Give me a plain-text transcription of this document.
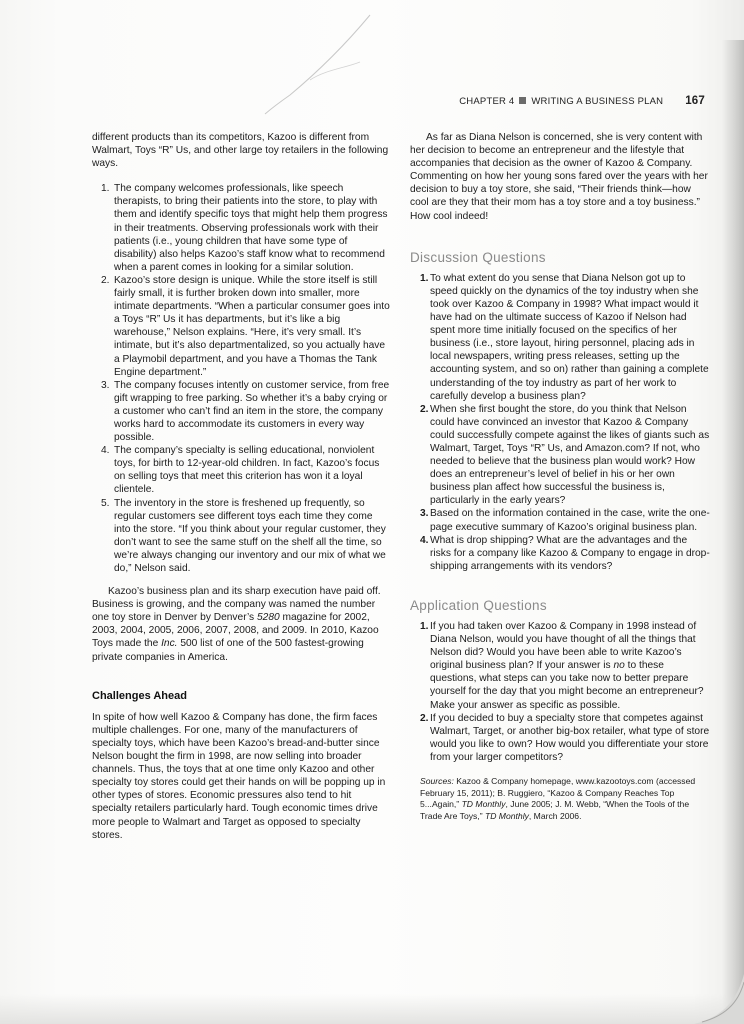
CHAPTER 4 WRITING A BUSINESS PLAN 167

different products than its competitors, Kazoo is different from Walmart, Toys “R” Us, and other large toy retailers in the following ways.

1. The company welcomes professionals, like speech therapists, to bring their patients into the store, to play with them and identify specific toys that might help them progress in their treatments. Observing professionals work with their patients (i.e., young children that have some type of disability) also helps Kazoo’s staff know what to recommend when a parent comes in looking for a similar solution.
2. Kazoo’s store design is unique. While the store itself is still fairly small, it is further broken down into smaller, more intimate departments. “When a particular consumer goes into a Toys “R” Us it has departments, but it’s like a big warehouse,” Nelson explains. “Here, it’s very small. It’s intimate, but it’s also departmentalized, so you actually have a Playmobil department, and you have a Thomas the Tank Engine department.”
3. The company focuses intently on customer service, from free gift wrapping to free parking. So whether it’s a baby crying or a customer who can’t find an item in the store, the company works hard to accommodate its customers in every way possible.
4. The company’s specialty is selling educational, nonviolent toys, for birth to 12-year-old children. In fact, Kazoo’s focus on selling toys that meet this criterion has won it a loyal clientele.
5. The inventory in the store is freshened up frequently, so regular customers see different toys each time they come into the store. “If you think about your regular customer, they don’t want to see the same stuff on the shelf all the time, so we’re always changing our inventory and our mix of what we do,” Nelson said.

Kazoo’s business plan and its sharp execution have paid off. Business is growing, and the company was named the number one toy store in Denver by Denver’s 5280 magazine for 2002, 2003, 2004, 2005, 2006, 2007, 2008, and 2009. In 2010, Kazoo Toys made the Inc. 500 list of one of the 500 fastest-growing private companies in America.

Challenges Ahead

In spite of how well Kazoo & Company has done, the firm faces multiple challenges. For one, many of the manufacturers of specialty toys, which have been Kazoo’s bread-and-butter since Nelson bought the firm in 1998, are now selling into broader channels. Thus, the toys that at one time only Kazoo and other specialty toy stores could get their hands on will be popping up in other types of stores. Economic pressures also tend to hit specialty retailers particularly hard. Tough economic times drive more people to Walmart and Target as opposed to specialty stores.

As far as Diana Nelson is concerned, she is very content with her decision to become an entrepreneur and the lifestyle that accompanies that decision as the owner of Kazoo & Company. Commenting on how her young sons fared over the years with her decision to buy a toy store, she said, “Their friends think—how cool are they that their mom has a toy store and a toy business.” How cool indeed!

Discussion Questions
1. To what extent do you sense that Diana Nelson got up to speed quickly on the dynamics of the toy industry when she took over Kazoo & Company in 1998? What impact would it have had on the ultimate success of Kazoo if Nelson had spent more time initially focused on the specifics of her business (i.e., store layout, hiring personnel, placing ads in local newspapers, writing press releases, setting up the accounting system, and so on) rather than gaining a complete understanding of the toy industry as part of her work to carefully develop a business plan?
2. When she first bought the store, do you think that Nelson could have convinced an investor that Kazoo & Company could successfully compete against the likes of giants such as Walmart, Target, Toys “R” Us, and Amazon.com? If not, who needed to believe that the business plan would work? How does an entrepreneur’s level of belief in his or her own business plan affect how successful the business is, particularly in the early years?
3. Based on the information contained in the case, write the one-page executive summary of Kazoo’s original business plan.
4. What is drop shipping? What are the advantages and the risks for a company like Kazoo & Company to engage in drop-shipping arrangements with its vendors?
Application Questions
1. If you had taken over Kazoo & Company in 1998 instead of Diana Nelson, would you have thought of all the things that Nelson did? Would you have been able to write Kazoo’s original business plan? If your answer is no to these questions, what steps can you take now to better prepare yourself for the day that you might become an entrepreneur? Make your answer as specific as possible.
2. If you decided to buy a specialty store that competes against Walmart, Target, or another big-box retailer, what type of store would you like to own? How would you differentiate your store from your larger competitors?

Sources: Kazoo & Company homepage, www.kazootoys.com (accessed February 15, 2011); B. Ruggiero, “Kazoo & Company Reaches Top 5...Again,” TD Monthly, June 2005; J. M. Webb, “When the Tools of the Trade Are Toys,” TD Monthly, March 2006.
